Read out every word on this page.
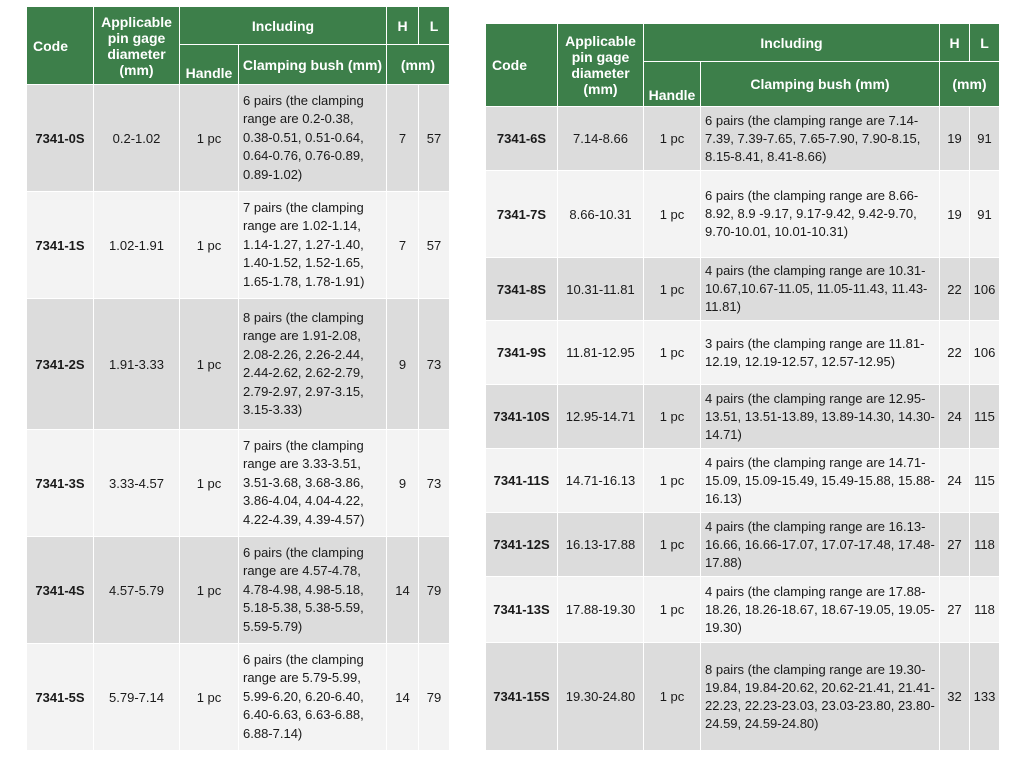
Code	Applicable pin gage diameter (mm)	Including		H	L
		Handle	Clamping bush (mm)	(mm)	
7341-0S	0.2-1.02	1 pc	6 pairs (the clamping range are 0.2-0.38, 0.38-0.51, 0.51-0.64, 0.64-0.76, 0.76-0.89, 0.89-1.02)	7	57
7341-1S	1.02-1.91	1 pc	7 pairs (the clamping range are 1.02-1.14, 1.14-1.27, 1.27-1.40, 1.40-1.52, 1.52-1.65, 1.65-1.78, 1.78-1.91)	7	57
7341-2S	1.91-3.33	1 pc	8 pairs (the clamping range are 1.91-2.08, 2.08-2.26, 2.26-2.44, 2.44-2.62, 2.62-2.79, 2.79-2.97, 2.97-3.15, 3.15-3.33)	9	73
7341-3S	3.33-4.57	1 pc	7 pairs (the clamping range are 3.33-3.51, 3.51-3.68, 3.68-3.86, 3.86-4.04, 4.04-4.22, 4.22-4.39, 4.39-4.57)	9	73
7341-4S	4.57-5.79	1 pc	6 pairs (the clamping range are 4.57-4.78, 4.78-4.98, 4.98-5.18, 5.18-5.38, 5.38-5.59, 5.59-5.79)	14	79
7341-5S	5.79-7.14	1 pc	6 pairs (the clamping range are 5.79-5.99, 5.99-6.20, 6.20-6.40, 6.40-6.63, 6.63-6.88, 6.88-7.14)	14	79
Code	Applicable pin gage diameter (mm)	Including		H	L
		Handle	Clamping bush (mm)	(mm)	
7341-6S	7.14-8.66	1 pc	6 pairs (the clamping range are 7.14-7.39, 7.39-7.65, 7.65-7.90, 7.90-8.15, 8.15-8.41, 8.41-8.66)	19	91
7341-7S	8.66-10.31	1 pc	6 pairs (the clamping range are 8.66-8.92, 8.9 -9.17, 9.17-9.42, 9.42-9.70, 9.70-10.01, 10.01-10.31)	19	91
7341-8S	10.31-11.81	1 pc	4 pairs (the clamping range are 10.31-10.67,10.67-11.05, 11.05-11.43, 11.43-11.81)	22	106
7341-9S	11.81-12.95	1 pc	3 pairs (the clamping range are 11.81-12.19, 12.19-12.57, 12.57-12.95)	22	106
7341-10S	12.95-14.71	1 pc	4 pairs (the clamping range are 12.95-13.51, 13.51-13.89, 13.89-14.30, 14.30-14.71)	24	115
7341-11S	14.71-16.13	1 pc	4 pairs (the clamping range are 14.71-15.09, 15.09-15.49, 15.49-15.88, 15.88-16.13)	24	115
7341-12S	16.13-17.88	1 pc	4 pairs (the clamping range are 16.13-16.66, 16.66-17.07, 17.07-17.48, 17.48-17.88)	27	118
7341-13S	17.88-19.30	1 pc	4 pairs (the clamping range are 17.88-18.26, 18.26-18.67, 18.67-19.05, 19.05-19.30)	27	118
7341-15S	19.30-24.80	1 pc	8 pairs (the clamping range are 19.30-19.84, 19.84-20.62, 20.62-21.41, 21.41-22.23, 22.23-23.03, 23.03-23.80, 23.80-24.59, 24.59-24.80)	32	133
